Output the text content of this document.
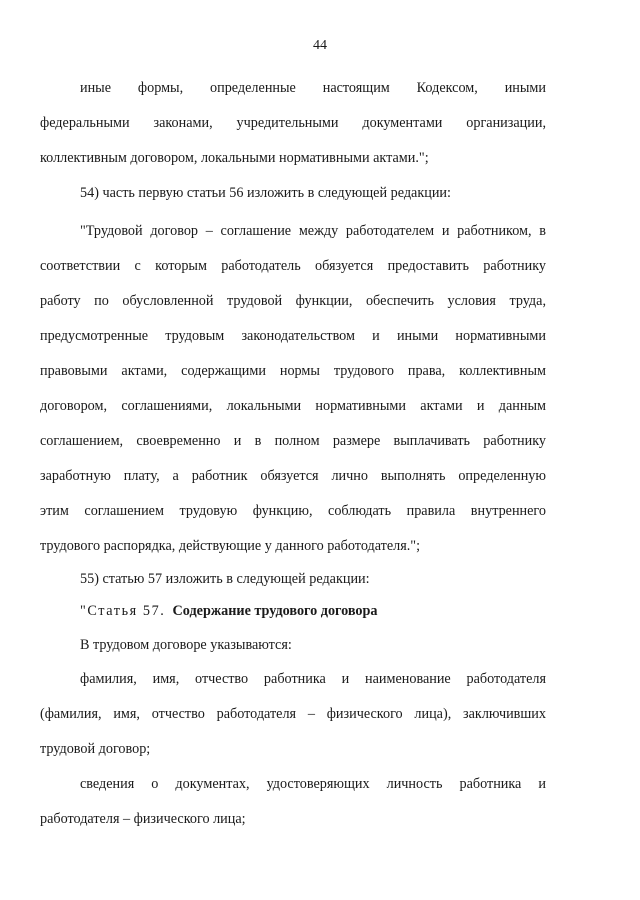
44
иные формы, определенные настоящим Кодексом, иными
федеральными законами, учредительными документами организации,
коллективным договором, локальными нормативными актами.";
54) часть первую статьи 56 изложить в следующей редакции:
"Трудовой договор – соглашение между работодателем и работником, в
соответствии с которым работодатель обязуется предоставить работнику
работу по обусловленной трудовой функции, обеспечить условия труда,
предусмотренные трудовым законодательством и иными нормативными
правовыми актами, содержащими нормы трудового права, коллективным
договором, соглашениями, локальными нормативными актами и данным
соглашением, своевременно и в полном размере выплачивать работнику
заработную плату, а работник обязуется лично выполнять определенную
этим соглашением трудовую функцию, соблюдать правила внутреннего
трудового распорядка, действующие у данного работодателя.";
55) статью 57 изложить в следующей редакции:
"Статья 57. Содержание трудового договора
В трудовом договоре указываются:
фамилия, имя, отчество работника и наименование работодателя
(фамилия, имя, отчество работодателя – физического лица), заключивших
трудовой договор;
сведения о документах, удостоверяющих личность работника и
работодателя – физического лица;
